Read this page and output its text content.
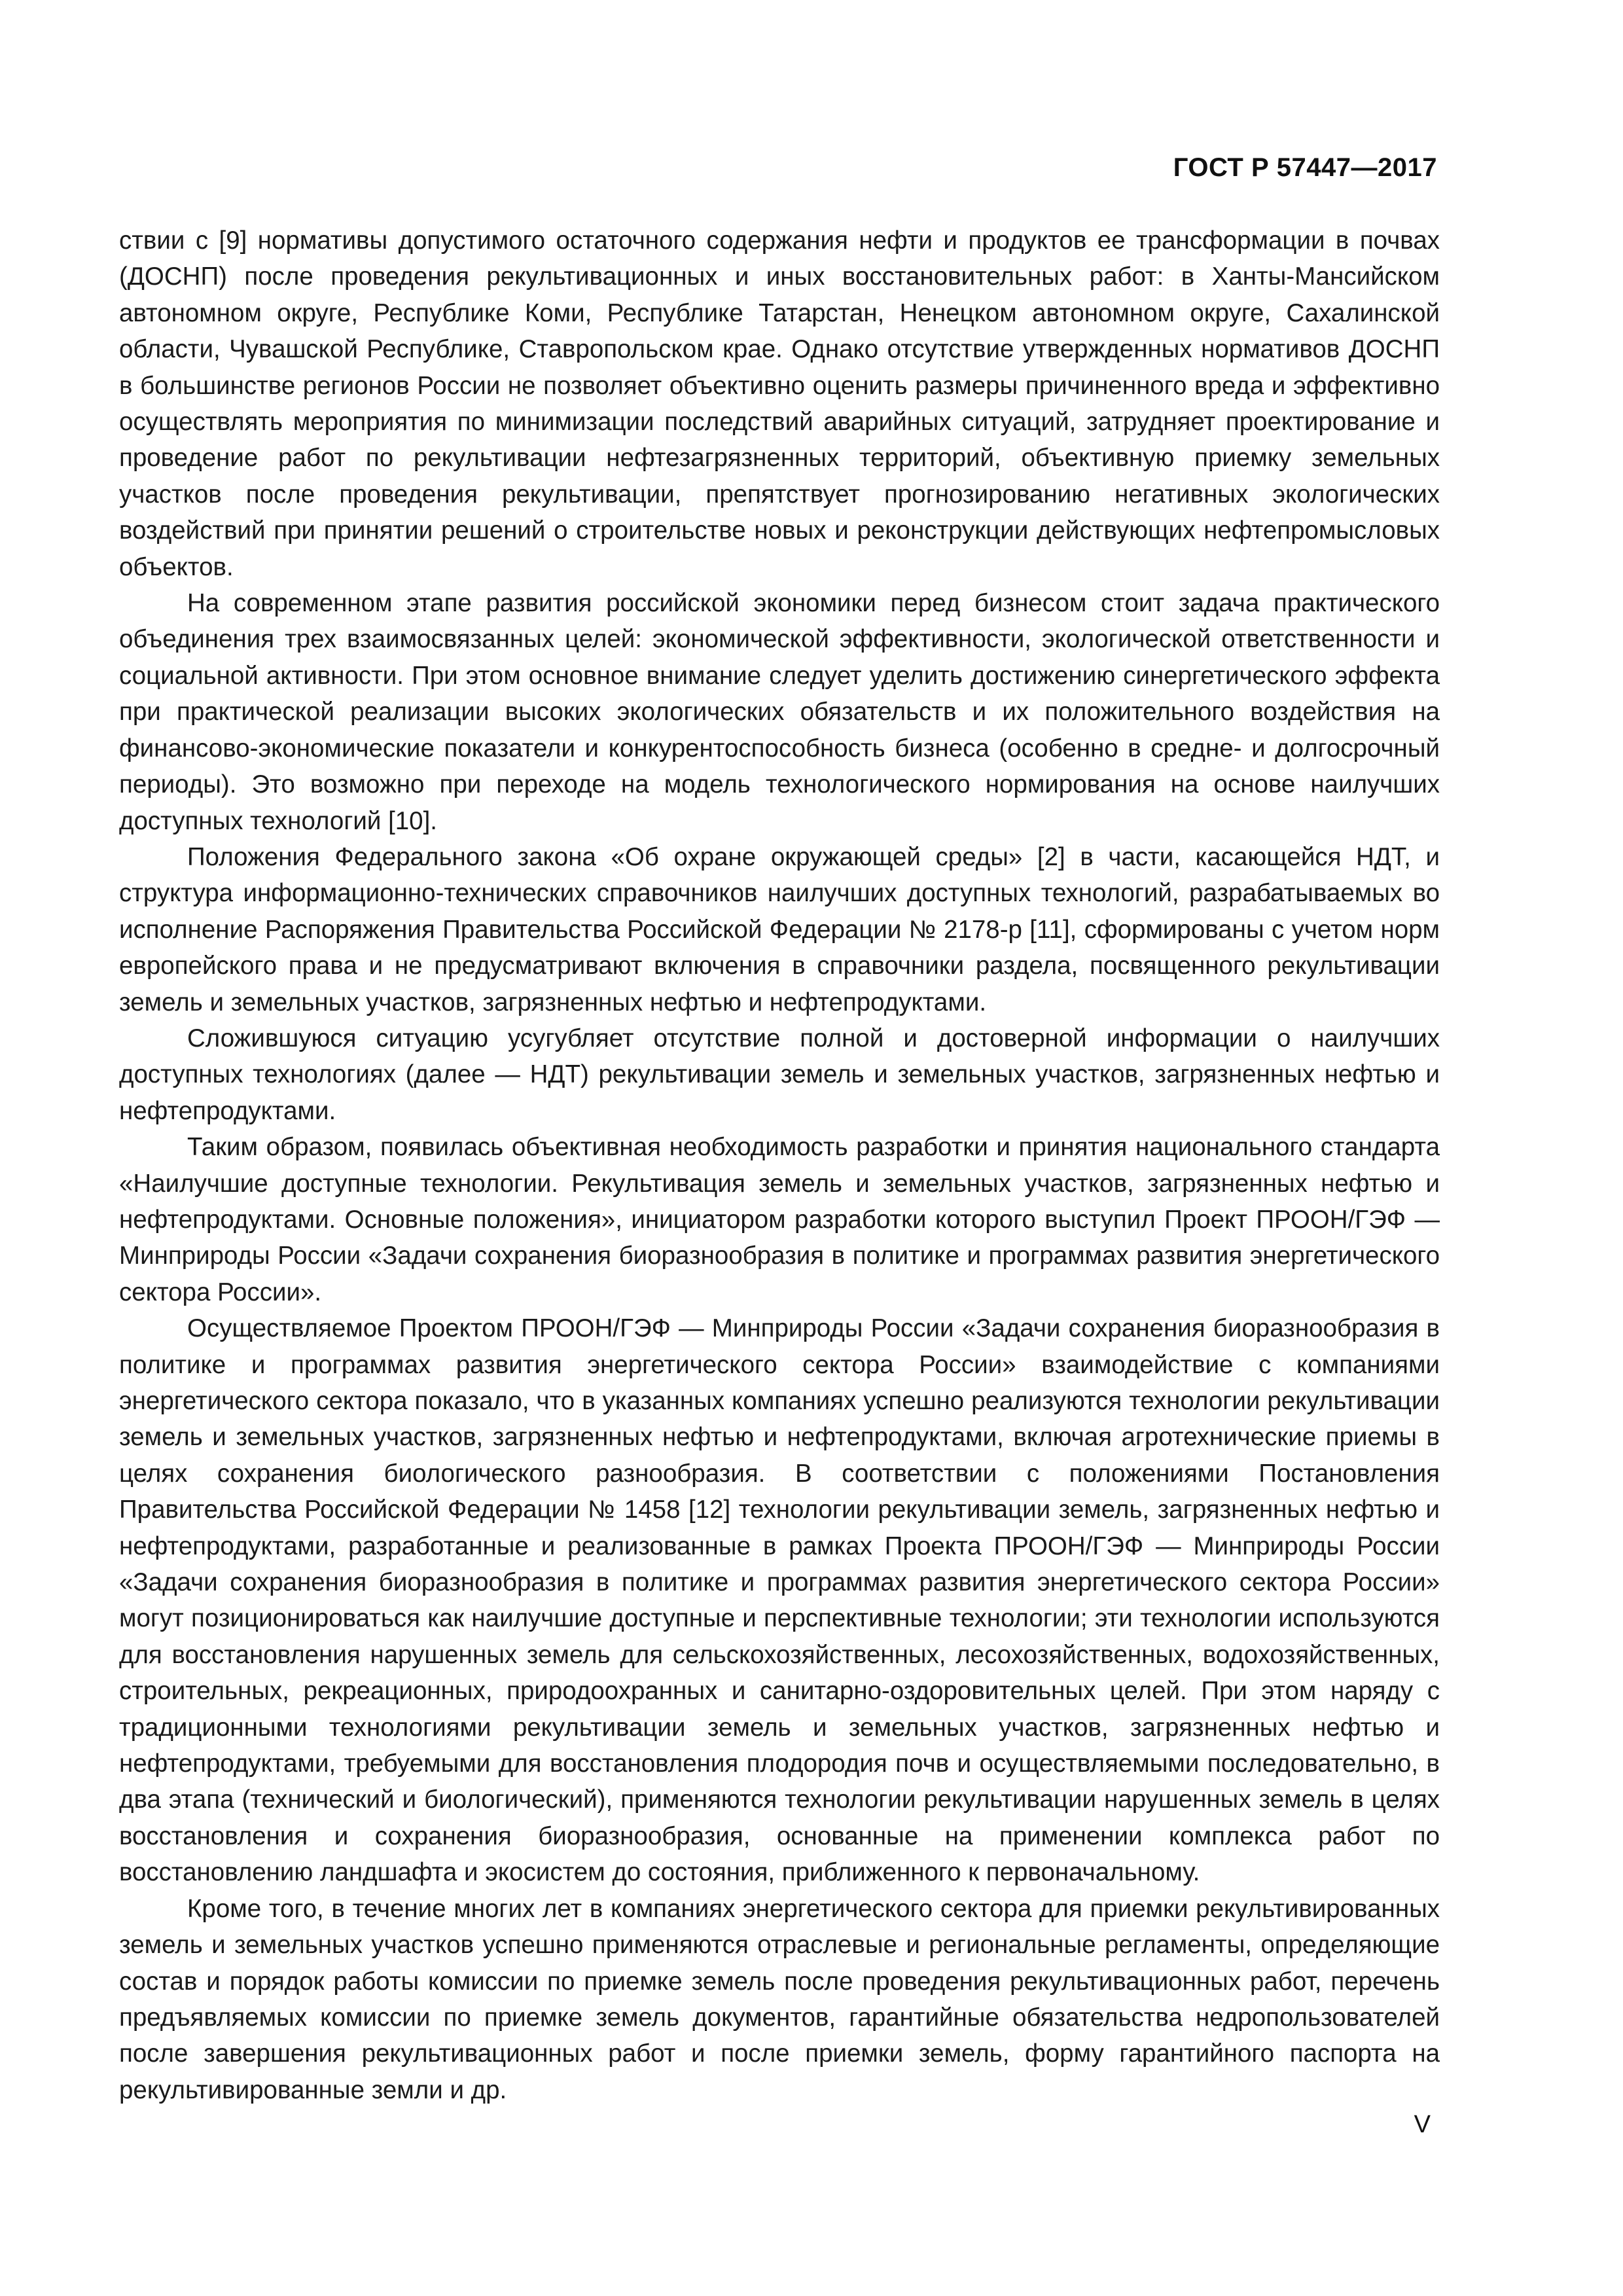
ГОСТ Р 57447—2017

ствии с [9] нормативы допустимого остаточного содержания нефти и продуктов ее трансформации в почвах (ДОСНП) после проведения рекультивационных и иных восстановительных работ: в Ханты-Мансийском автономном округе, Республике Коми, Республике Татарстан, Ненецком автономном округе, Сахалинской области, Чувашской Республике, Ставропольском крае. Однако отсутствие утвержденных нормативов ДОСНП в большинстве регионов России не позволяет объективно оценить размеры причиненного вреда и эффективно осуществлять мероприятия по минимизации последствий аварийных ситуаций, затрудняет проектирование и проведение работ по рекультивации нефтезагрязненных территорий, объективную приемку земельных участков после проведения рекультивации, препятствует прогнозированию негативных экологических воздействий при принятии решений о строительстве новых и реконструкции действующих нефтепромысловых объектов.

На современном этапе развития российской экономики перед бизнесом стоит задача практического объединения трех взаимосвязанных целей: экономической эффективности, экологической ответственности и социальной активности. При этом основное внимание следует уделить достижению синергетического эффекта при практической реализации высоких экологических обязательств и их положительного воздействия на финансово-экономические показатели и конкурентоспособность бизнеса (особенно в средне- и долгосрочный периоды). Это возможно при переходе на модель технологического нормирования на основе наилучших доступных технологий [10].

Положения Федерального закона «Об охране окружающей среды» [2] в части, касающейся НДТ, и структура информационно-технических справочников наилучших доступных технологий, разрабатываемых во исполнение Распоряжения Правительства Российской Федерации № 2178-р [11], сформированы с учетом норм европейского права и не предусматривают включения в справочники раздела, посвященного рекультивации земель и земельных участков, загрязненных нефтью и нефтепродуктами.

Сложившуюся ситуацию усугубляет отсутствие полной и достоверной информации о наилучших доступных технологиях (далее — НДТ) рекультивации земель и земельных участков, загрязненных нефтью и нефтепродуктами.

Таким образом, появилась объективная необходимость разработки и принятия национального стандарта «Наилучшие доступные технологии. Рекультивация земель и земельных участков, загрязненных нефтью и нефтепродуктами. Основные положения», инициатором разработки которого выступил Проект ПРООН/ГЭФ — Минприроды России «Задачи сохранения биоразнообразия в политике и программах развития энергетического сектора России».

Осуществляемое Проектом ПРООН/ГЭФ — Минприроды России «Задачи сохранения биоразнообразия в политике и программах развития энергетического сектора России» взаимодействие с компаниями энергетического сектора показало, что в указанных компаниях успешно реализуются технологии рекультивации земель и земельных участков, загрязненных нефтью и нефтепродуктами, включая агротехнические приемы в целях сохранения биологического разнообразия. В соответствии с положениями Постановления Правительства Российской Федерации № 1458 [12] технологии рекультивации земель, загрязненных нефтью и нефтепродуктами, разработанные и реализованные в рамках Проекта ПРООН/ГЭФ — Минприроды России «Задачи сохранения биоразнообразия в политике и программах развития энергетического сектора России» могут позиционироваться как наилучшие доступные и перспективные технологии; эти технологии используются для восстановления нарушенных земель для сельскохозяйственных, лесохозяйственных, водохозяйственных, строительных, рекреационных, природоохранных и санитарно-оздоровительных целей. При этом наряду с традиционными технологиями рекультивации земель и земельных участков, загрязненных нефтью и нефтепродуктами, требуемыми для восстановления плодородия почв и осуществляемыми последовательно, в два этапа (технический и биологический), применяются технологии рекультивации нарушенных земель в целях восстановления и сохранения биоразнообразия, основанные на применении комплекса работ по восстановлению ландшафта и экосистем до состояния, приближенного к первоначальному.

Кроме того, в течение многих лет в компаниях энергетического сектора для приемки рекультивированных земель и земельных участков успешно применяются отраслевые и региональные регламенты, определяющие состав и порядок работы комиссии по приемке земель после проведения рекультивационных работ, перечень предъявляемых комиссии по приемке земель документов, гарантийные обязательства недропользователей после завершения рекультивационных работ и после приемки земель, форму гарантийного паспорта на рекультивированные земли и др.

V
